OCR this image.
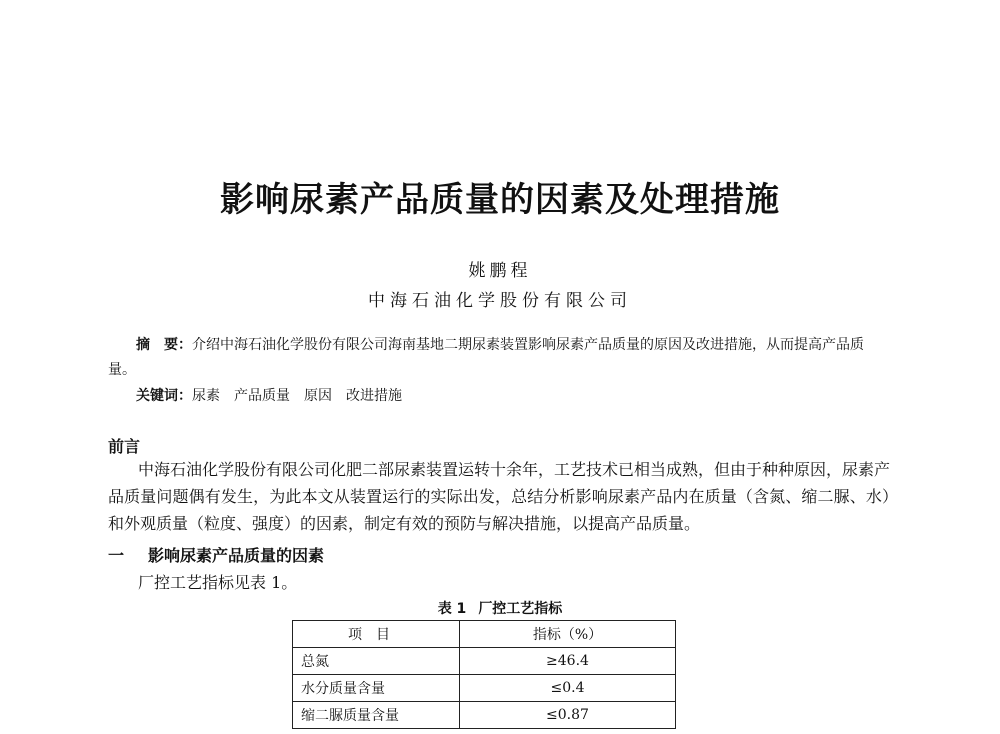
影响尿素产品质量的因素及处理措施
姚鹏程
中海石油化学股份有限公司
摘　要：介绍中海石油化学股份有限公司海南基地二期尿素装置影响尿素产品质量的原因及改进措施，从而提高产品质量。
关键词：尿素 产品质量 原因 改进措施
前言
中海石油化学股份有限公司化肥二部尿素装置运转十余年，工艺技术已相当成熟，但由于种种原因，尿素产品质量问题偶有发生，为此本文从装置运行的实际出发，总结分析影响尿素产品内在质量（含氮、缩二脲、水）和外观质量（粒度、强度）的因素，制定有效的预防与解决措施，以提高产品质量。
一 影响尿素产品质量的因素
厂控工艺指标见表 1。
表 1 厂控工艺指标
项目	指标（%）
总氮	≥46.4
水分质量含量	≤0.4
缩二脲质量含量	≤0.87
